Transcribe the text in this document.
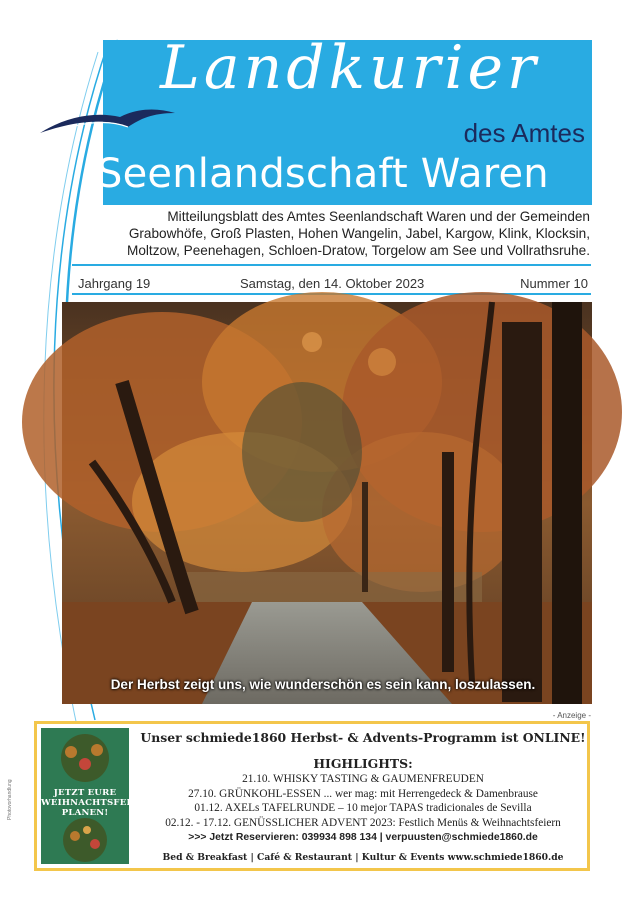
Landkurier
des Amtes
Seenlandschaft Waren
Mitteilungsblatt des Amtes Seenlandschaft Waren und der Gemeinden Grabowhöfe, Groß Plasten, Hohen Wangelin, Jabel, Kargow, Klink, Klocksin, Moltzow, Peenehagen, Schloen-Dratow, Torgelow am See und Vollrathsruhe.
Jahrgang 19	Samstag, den 14. Oktober 2023	Nummer 10
Der Herbst zeigt uns, wie wunderschön es sein kann, loszulassen.
- Anzeige -
JETZT EURE WEIHNACHTSFEIER PLANEN!
Unser schmiede1860 Herbst- & Advents-Programm ist ONLINE!
HIGHLIGHTS:
21.10. WHISKY TASTING & GAUMENFREUDEN
27.10. GRÜNKOHL-ESSEN ... wer mag: mit Herrengedeck & Damenbrause
01.12. AXELs TAFELRUNDE – 10 mejor TAPAS tradicionales de Sevilla
02.12. - 17.12. GENÜSSLICHER ADVENT 2023: Festlich Menüs & Weihnachtsfeiern
>>> Jetzt Reservieren: 039934 898 134 | verpuusten@schmiede1860.de
Bed & Breakfast | Café & Restaurant | Kultur & Events www.schmiede1860.de
Photovorhandlung
